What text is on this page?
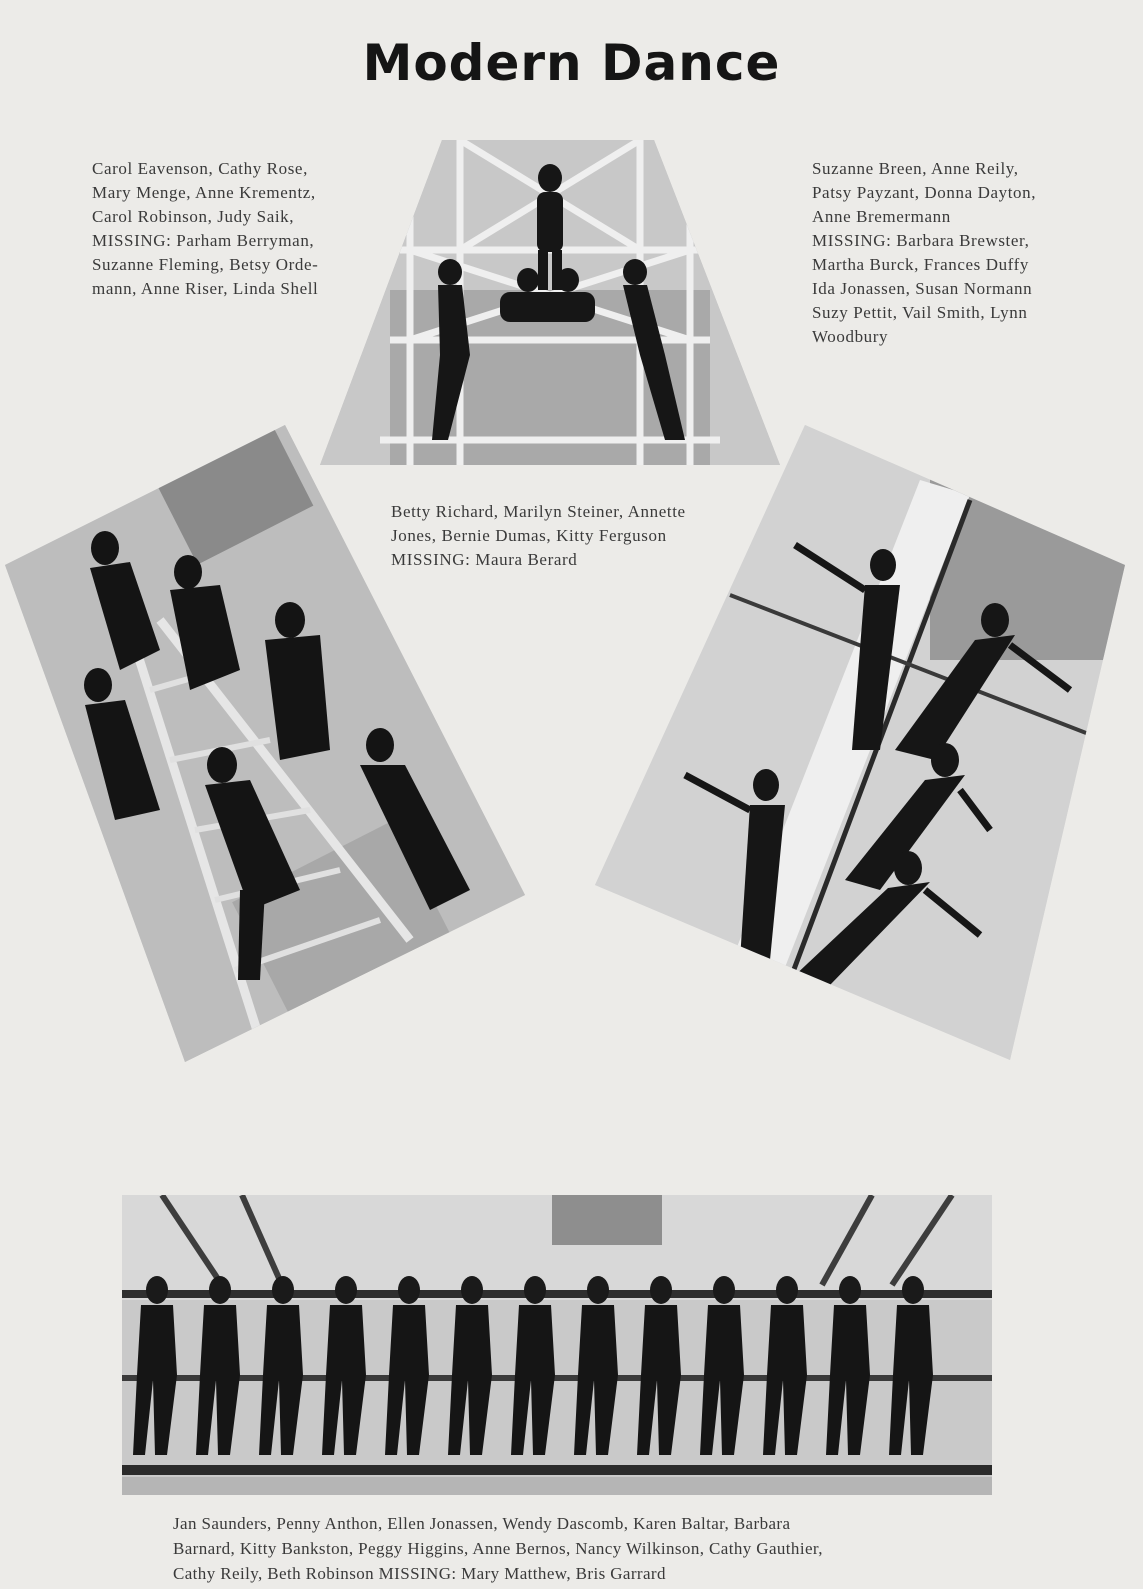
Modern Dance
Carol Eavenson, Cathy Rose,
Mary Menge, Anne Krementz,
Carol Robinson, Judy Saik,
MISSING: Parham Berryman,
Suzanne Fleming, Betsy Orde-
mann, Anne Riser, Linda Shell
Suzanne Breen, Anne Reily,
Patsy Payzant, Donna Dayton,
Anne Bremermann
MISSING: Barbara Brewster,
Martha Burck, Frances Duffy
Ida Jonassen, Susan Normann
Suzy Pettit, Vail Smith, Lynn
Woodbury
Betty Richard, Marilyn Steiner, Annette
Jones, Bernie Dumas, Kitty Ferguson
MISSING: Maura Berard
Jan Saunders, Penny Anthon, Ellen Jonassen, Wendy Dascomb, Karen Baltar, Barbara
Barnard, Kitty Bankston, Peggy Higgins, Anne Bernos, Nancy Wilkinson, Cathy Gauthier,
Cathy Reily, Beth Robinson MISSING: Mary Matthew, Bris Garrard
